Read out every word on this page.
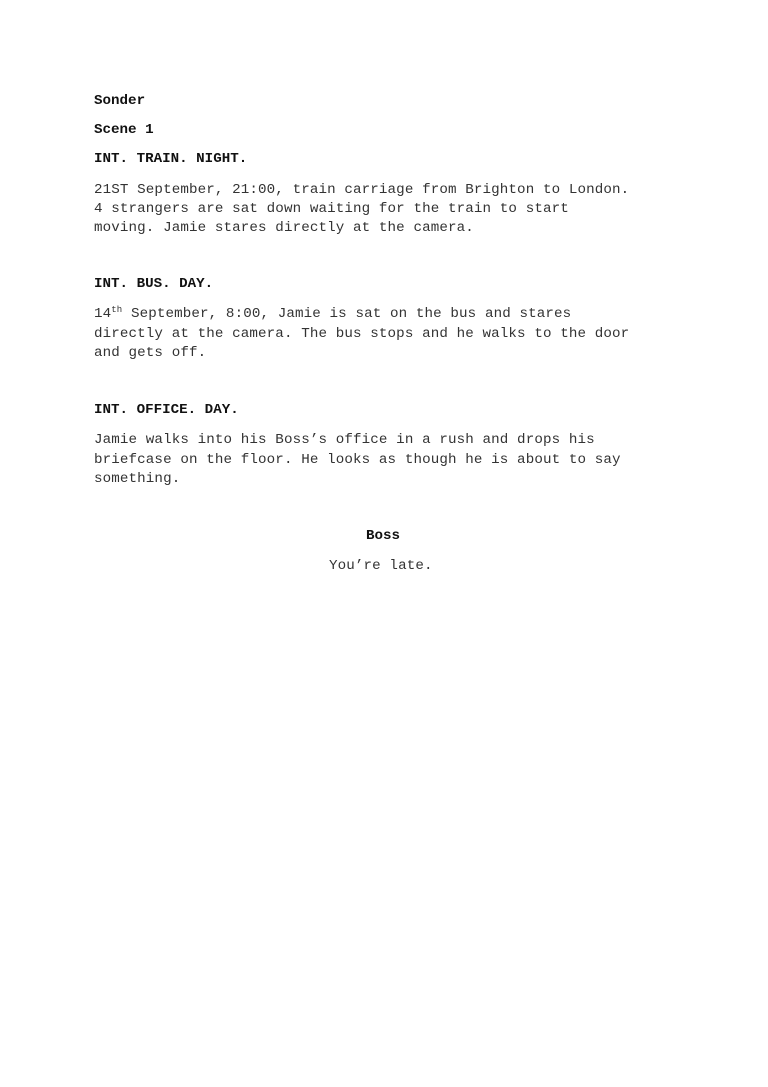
Sonder
Scene 1
INT. TRAIN. NIGHT.
21ST September, 21:00, train carriage from Brighton to London.
4 strangers are sat down waiting for the train to start
moving. Jamie stares directly at the camera.
INT. BUS. DAY.
14th September, 8:00, Jamie is sat on the bus and stares
directly at the camera. The bus stops and he walks to the door
and gets off.
INT. OFFICE. DAY.
Jamie walks into his Boss’s office in a rush and drops his
briefcase on the floor. He looks as though he is about to say
something.
Boss
You’re late.
